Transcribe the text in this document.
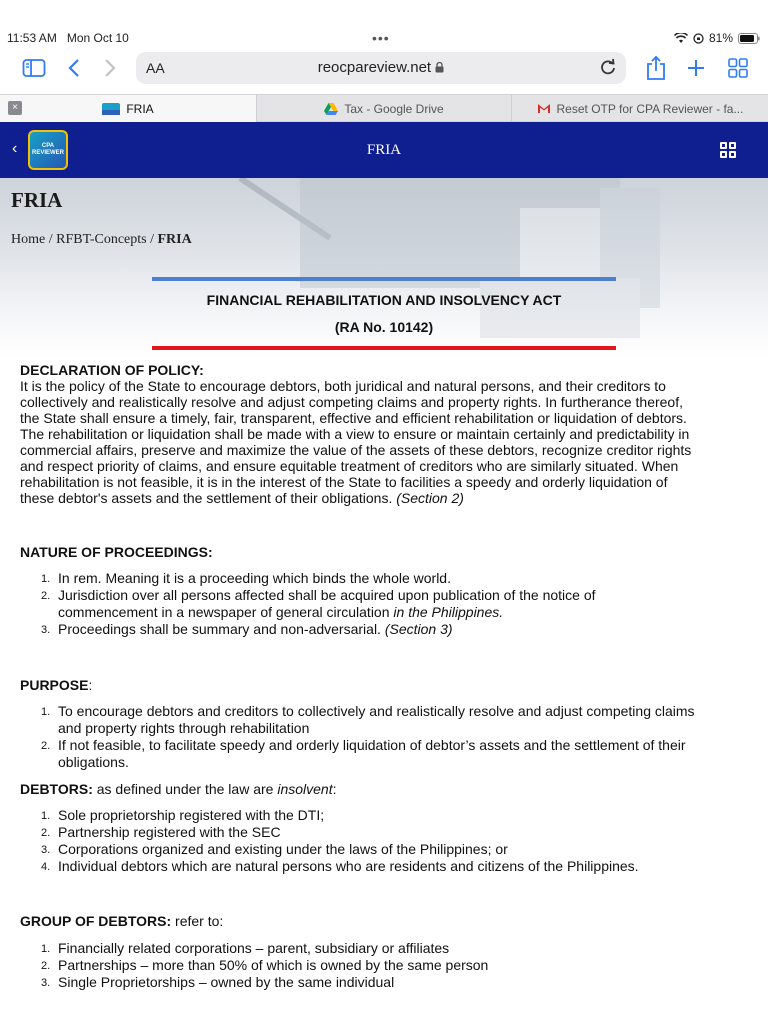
11:53 AM Mon Oct 10	•••	81%
AA	reocpareview.net
×	FRIA	Tax - Google Drive	Reset OTP for CPA Reviewer - fa...
‹	CPA
REVIEWER	FRIA
FRIA
Home / RFBT-Concepts / FRIA
FINANCIAL REHABILITATION AND INSOLVENCY ACT
(RA No. 10142)
DECLARATION OF POLICY:
It is the policy of the State to encourage debtors, both juridical and natural persons, and their creditors to
collectively and realistically resolve and adjust competing claims and property rights. In furtherance thereof,
the State shall ensure a timely, fair, transparent, effective and efficient rehabilitation or liquidation of debtors.
The rehabilitation or liquidation shall be made with a view to ensure or maintain certainly and predictability in
commercial affairs, preserve and maximize the value of the assets of these debtors, recognize creditor rights
and respect priority of claims, and ensure equitable treatment of creditors who are similarly situated. When
rehabilitation is not feasible, it is in the interest of the State to facilities a speedy and orderly liquidation of
these debtor's assets and the settlement of their obligations. (Section 2)
NATURE OF PROCEEDINGS:
1. In rem. Meaning it is a proceeding which binds the whole world.
2. Jurisdiction over all persons affected shall be acquired upon publication of the notice of
commencement in a newspaper of general circulation in the Philippines.
3. Proceedings shall be summary and non-adversarial. (Section 3)
PURPOSE:
1. To encourage debtors and creditors to collectively and realistically resolve and adjust competing claims
and property rights through rehabilitation
2. If not feasible, to facilitate speedy and orderly liquidation of debtor’s assets and the settlement of their
obligations.
DEBTORS: as defined under the law are insolvent:
1. Sole proprietorship registered with the DTI;
2. Partnership registered with the SEC
3. Corporations organized and existing under the laws of the Philippines; or
4. Individual debtors which are natural persons who are residents and citizens of the Philippines.
GROUP OF DEBTORS: refer to:
1. Financially related corporations – parent, subsidiary or affiliates
2. Partnerships – more than 50% of which is owned by the same person
3. Single Proprietorships – owned by the same individual
